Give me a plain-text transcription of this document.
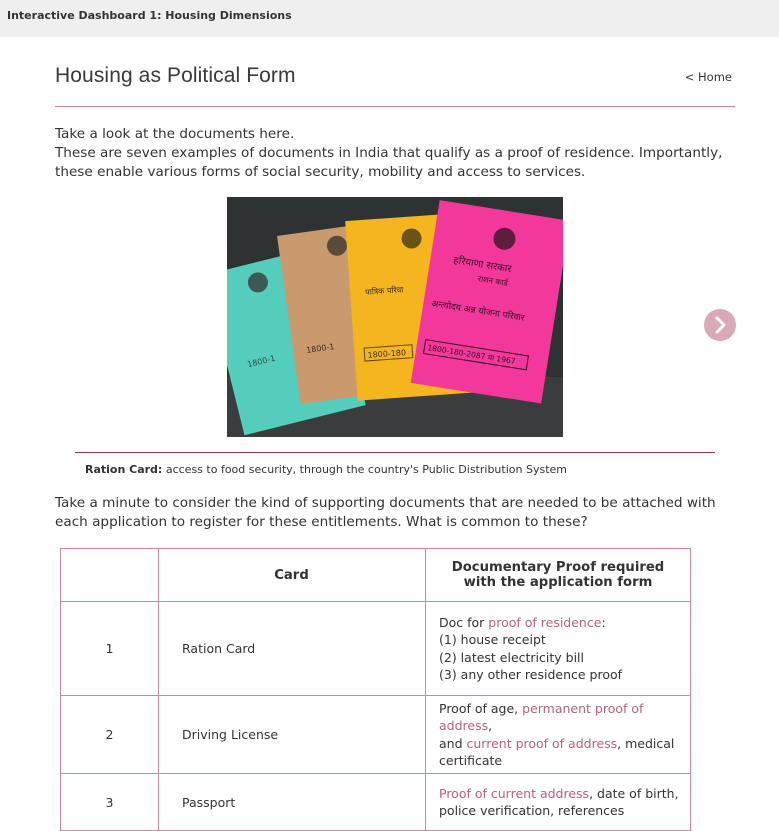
Interactive Dashboard 1: Housing Dimensions
Housing as Political Form	< Home

Take a look at the documents here.

These are seven examples of documents in India that qualify as a proof of residence. Importantly, these enable various forms of social security, mobility and access to services.

1800-1
1800-1
पात्रिक परिवा
1800-180
हरियाणा सरकार
राशन कार्ड
अन्त्योदय अन्न योजना परिवार
1800-180-2087 या 1967
Ration Card: access to food security, through the country's Public Distribution System
Take a minute to consider the kind of supporting documents that are needed to be attached with each application to register for these entitlements. What is common to these?
	Card	Documentary Proof required
with the application form
1	Ration Card	Doc for proof of residence:
(1) house receipt
(2) latest electricity bill
(3) any other residence proof
2	Driving License	Proof of age, permanent proof of address,
and current proof of address, medical
certificate
3	Passport	Proof of current address, date of birth,
police verification, references
